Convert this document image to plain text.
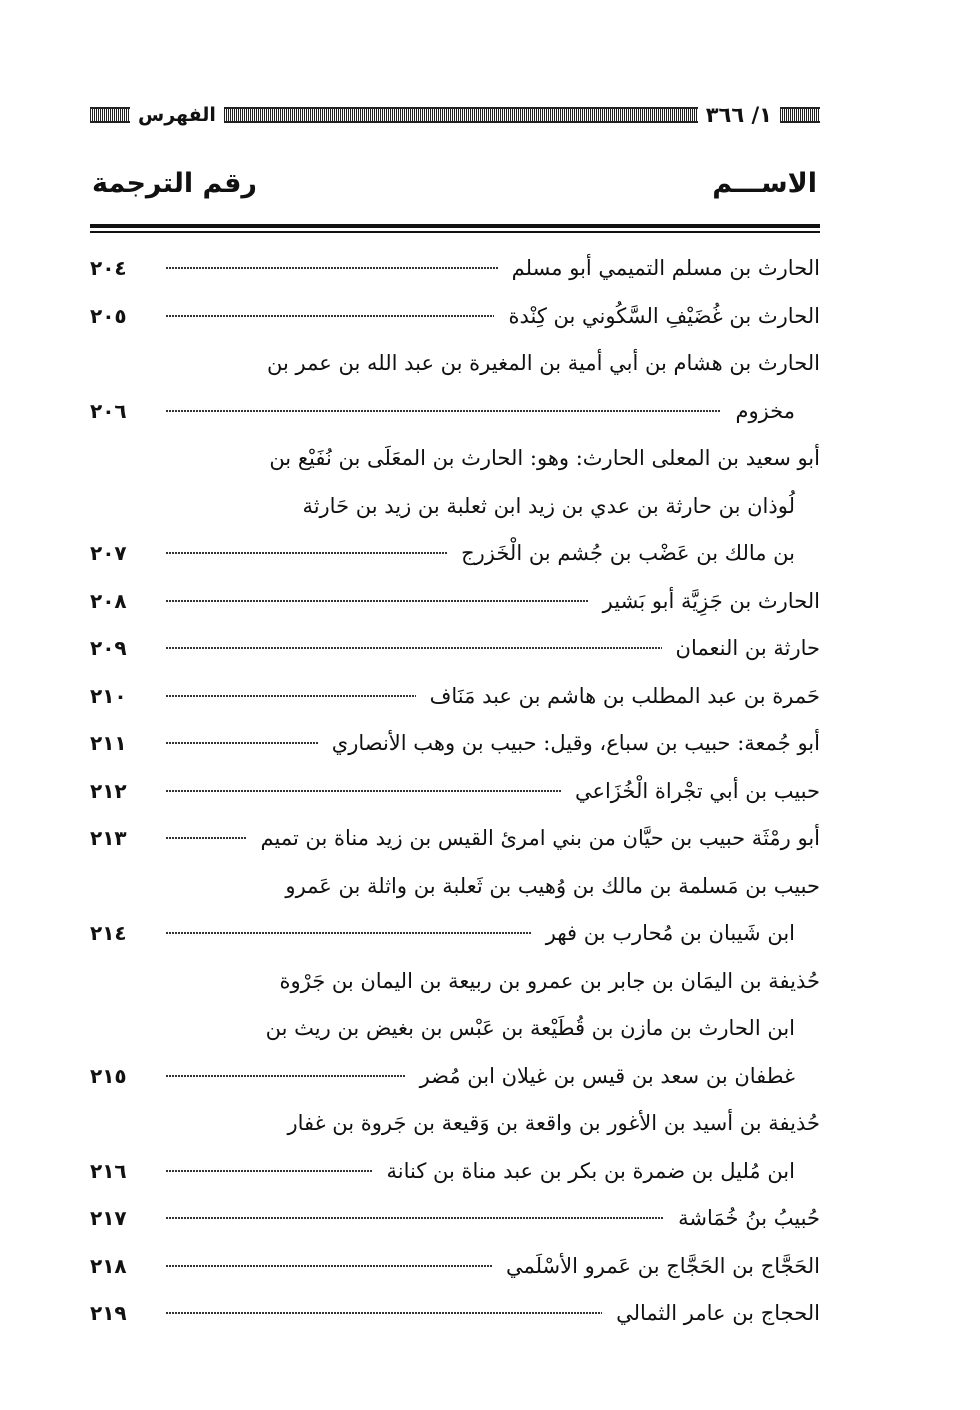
١/ ٣٦٦
الفهرس
الاســـم
رقم الترجمة
الحارث بن مسلم التميمي أبو مسلم
٢٠٤
الحارث بن غُضَيْفِ السَّكُوني بن كِنْدة
٢٠٥
الحارث بن هشام بن أبي أمية بن المغيرة بن عبد الله بن عمر بن
مخزوم
٢٠٦
أبو سعيد بن المعلى الحارث: وهو: الحارث بن المعَلَى بن نُفَيْع بن
لُوذان بن حارثة بن عدي بن زيد ابن ثعلبة بن زيد بن حَارثة
بن مالك بن عَضْب بن جُشم بن الْخَزرج
٢٠٧
الحارث بن جَزِيَّة أبو بَشير
٢٠٨
حارثة بن النعمان
٢٠٩
حَمرة بن عبد المطلب بن هاشم بن عبد مَنَاف
٢١٠
أبو جُمعة: حبيب بن سباع، وقيل: حبيب بن وهب الأنصاري
٢١١
حبيب بن أبي تجْراة الْخُزَاعي
٢١٢
أبو رمْثَة حبيب بن حيَّان من بني امرئ القيس بن زيد مناة بن تميم
٢١٣
حبيب بن مَسلمة بن مالك بن وُهيب بن ثَعلبة بن واثلة بن عَمرو
ابن شَيبان بن مُحارب بن فهر
٢١٤
حُذيفة بن اليمَان بن جابر بن عمرو بن ربيعة بن اليمان بن جَرْوة
ابن الحارث بن مازن بن قُطَيْعة بن عَبْس بن بغيض بن ريث بن
غطفان بن سعد بن قيس بن غيلان ابن مُضر
٢١٥
حُذيفة بن أسيد بن الأغور بن واقعة بن وَقيعة بن جَروة بن غفار
ابن مُليل بن ضمرة بن بكر بن عبد مناة بن كنانة
٢١٦
حُبيبُ بنُ خُمَاشة
٢١٧
الحَجَّاج بن الحَجَّاج بن عَمرو الأسْلَمي
٢١٨
الحجاج بن عامر الثمالي
٢١٩
